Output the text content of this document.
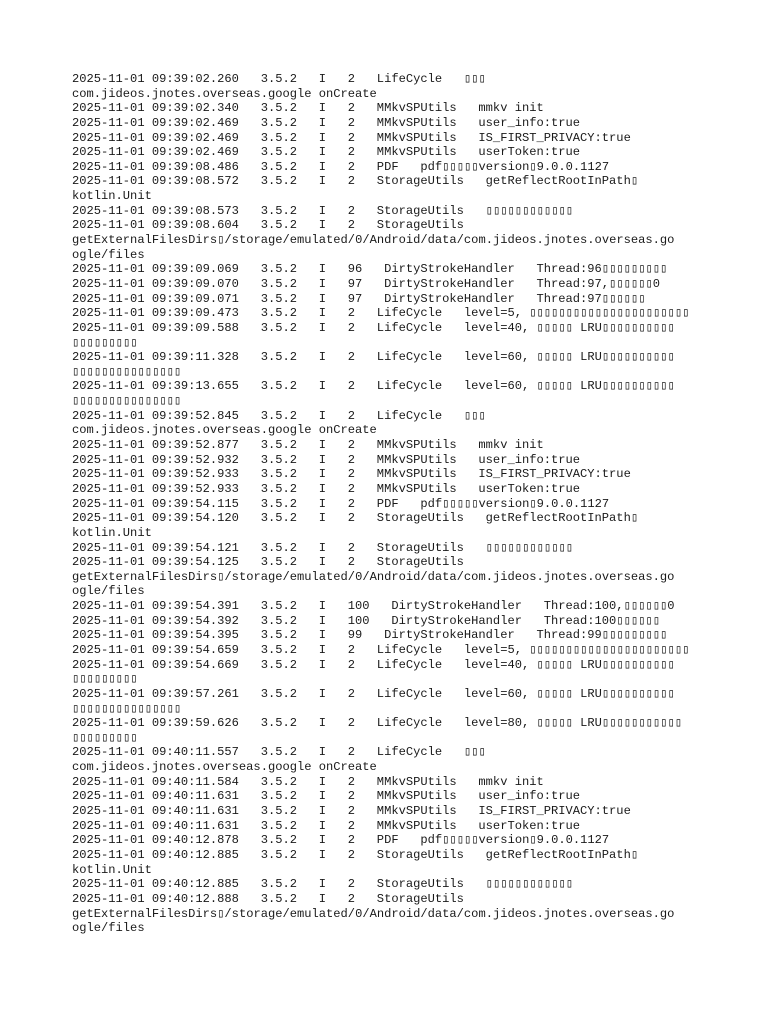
2025-11-01 09:39:02.260   3.5.2   I   2   LifeCycle   ▯▯▯
com.jideos.jnotes.overseas.google onCreate
2025-11-01 09:39:02.340   3.5.2   I   2   MMkvSPUtils   mmkv init
2025-11-01 09:39:02.469   3.5.2   I   2   MMkvSPUtils   user_info:true
2025-11-01 09:39:02.469   3.5.2   I   2   MMkvSPUtils   IS_FIRST_PRIVACY:true
2025-11-01 09:39:02.469   3.5.2   I   2   MMkvSPUtils   userToken:true
2025-11-01 09:39:08.486   3.5.2   I   2   PDF   pdf▯▯▯▯▯version▯9.0.0.1127
2025-11-01 09:39:08.572   3.5.2   I   2   StorageUtils   getReflectRootInPath▯
kotlin.Unit
2025-11-01 09:39:08.573   3.5.2   I   2   StorageUtils   ▯▯▯▯▯▯▯▯▯▯▯▯
2025-11-01 09:39:08.604   3.5.2   I   2   StorageUtils
getExternalFilesDirs▯/storage/emulated/0/Android/data/com.jideos.jnotes.overseas.go
ogle/files
2025-11-01 09:39:09.069   3.5.2   I   96   DirtyStrokeHandler   Thread:96▯▯▯▯▯▯▯▯▯
2025-11-01 09:39:09.070   3.5.2   I   97   DirtyStrokeHandler   Thread:97,▯▯▯▯▯▯0
2025-11-01 09:39:09.071   3.5.2   I   97   DirtyStrokeHandler   Thread:97▯▯▯▯▯▯
2025-11-01 09:39:09.473   3.5.2   I   2   LifeCycle   level=5, ▯▯▯▯▯▯▯▯▯▯▯▯▯▯▯▯▯▯▯▯▯▯
2025-11-01 09:39:09.588   3.5.2   I   2   LifeCycle   level=40, ▯▯▯▯▯ LRU▯▯▯▯▯▯▯▯▯▯
▯▯▯▯▯▯▯▯▯
2025-11-01 09:39:11.328   3.5.2   I   2   LifeCycle   level=60, ▯▯▯▯▯ LRU▯▯▯▯▯▯▯▯▯▯
▯▯▯▯▯▯▯▯▯▯▯▯▯▯▯
2025-11-01 09:39:13.655   3.5.2   I   2   LifeCycle   level=60, ▯▯▯▯▯ LRU▯▯▯▯▯▯▯▯▯▯
▯▯▯▯▯▯▯▯▯▯▯▯▯▯▯
2025-11-01 09:39:52.845   3.5.2   I   2   LifeCycle   ▯▯▯
com.jideos.jnotes.overseas.google onCreate
2025-11-01 09:39:52.877   3.5.2   I   2   MMkvSPUtils   mmkv init
2025-11-01 09:39:52.932   3.5.2   I   2   MMkvSPUtils   user_info:true
2025-11-01 09:39:52.933   3.5.2   I   2   MMkvSPUtils   IS_FIRST_PRIVACY:true
2025-11-01 09:39:52.933   3.5.2   I   2   MMkvSPUtils   userToken:true
2025-11-01 09:39:54.115   3.5.2   I   2   PDF   pdf▯▯▯▯▯version▯9.0.0.1127
2025-11-01 09:39:54.120   3.5.2   I   2   StorageUtils   getReflectRootInPath▯
kotlin.Unit
2025-11-01 09:39:54.121   3.5.2   I   2   StorageUtils   ▯▯▯▯▯▯▯▯▯▯▯▯
2025-11-01 09:39:54.125   3.5.2   I   2   StorageUtils
getExternalFilesDirs▯/storage/emulated/0/Android/data/com.jideos.jnotes.overseas.go
ogle/files
2025-11-01 09:39:54.391   3.5.2   I   100   DirtyStrokeHandler   Thread:100,▯▯▯▯▯▯0
2025-11-01 09:39:54.392   3.5.2   I   100   DirtyStrokeHandler   Thread:100▯▯▯▯▯▯
2025-11-01 09:39:54.395   3.5.2   I   99   DirtyStrokeHandler   Thread:99▯▯▯▯▯▯▯▯▯
2025-11-01 09:39:54.659   3.5.2   I   2   LifeCycle   level=5, ▯▯▯▯▯▯▯▯▯▯▯▯▯▯▯▯▯▯▯▯▯▯
2025-11-01 09:39:54.669   3.5.2   I   2   LifeCycle   level=40, ▯▯▯▯▯ LRU▯▯▯▯▯▯▯▯▯▯
▯▯▯▯▯▯▯▯▯
2025-11-01 09:39:57.261   3.5.2   I   2   LifeCycle   level=60, ▯▯▯▯▯ LRU▯▯▯▯▯▯▯▯▯▯
▯▯▯▯▯▯▯▯▯▯▯▯▯▯▯
2025-11-01 09:39:59.626   3.5.2   I   2   LifeCycle   level=80, ▯▯▯▯▯ LRU▯▯▯▯▯▯▯▯▯▯▯
▯▯▯▯▯▯▯▯▯
2025-11-01 09:40:11.557   3.5.2   I   2   LifeCycle   ▯▯▯
com.jideos.jnotes.overseas.google onCreate
2025-11-01 09:40:11.584   3.5.2   I   2   MMkvSPUtils   mmkv init
2025-11-01 09:40:11.631   3.5.2   I   2   MMkvSPUtils   user_info:true
2025-11-01 09:40:11.631   3.5.2   I   2   MMkvSPUtils   IS_FIRST_PRIVACY:true
2025-11-01 09:40:11.631   3.5.2   I   2   MMkvSPUtils   userToken:true
2025-11-01 09:40:12.878   3.5.2   I   2   PDF   pdf▯▯▯▯▯version▯9.0.0.1127
2025-11-01 09:40:12.885   3.5.2   I   2   StorageUtils   getReflectRootInPath▯
kotlin.Unit
2025-11-01 09:40:12.885   3.5.2   I   2   StorageUtils   ▯▯▯▯▯▯▯▯▯▯▯▯
2025-11-01 09:40:12.888   3.5.2   I   2   StorageUtils
getExternalFilesDirs▯/storage/emulated/0/Android/data/com.jideos.jnotes.overseas.go
ogle/files
